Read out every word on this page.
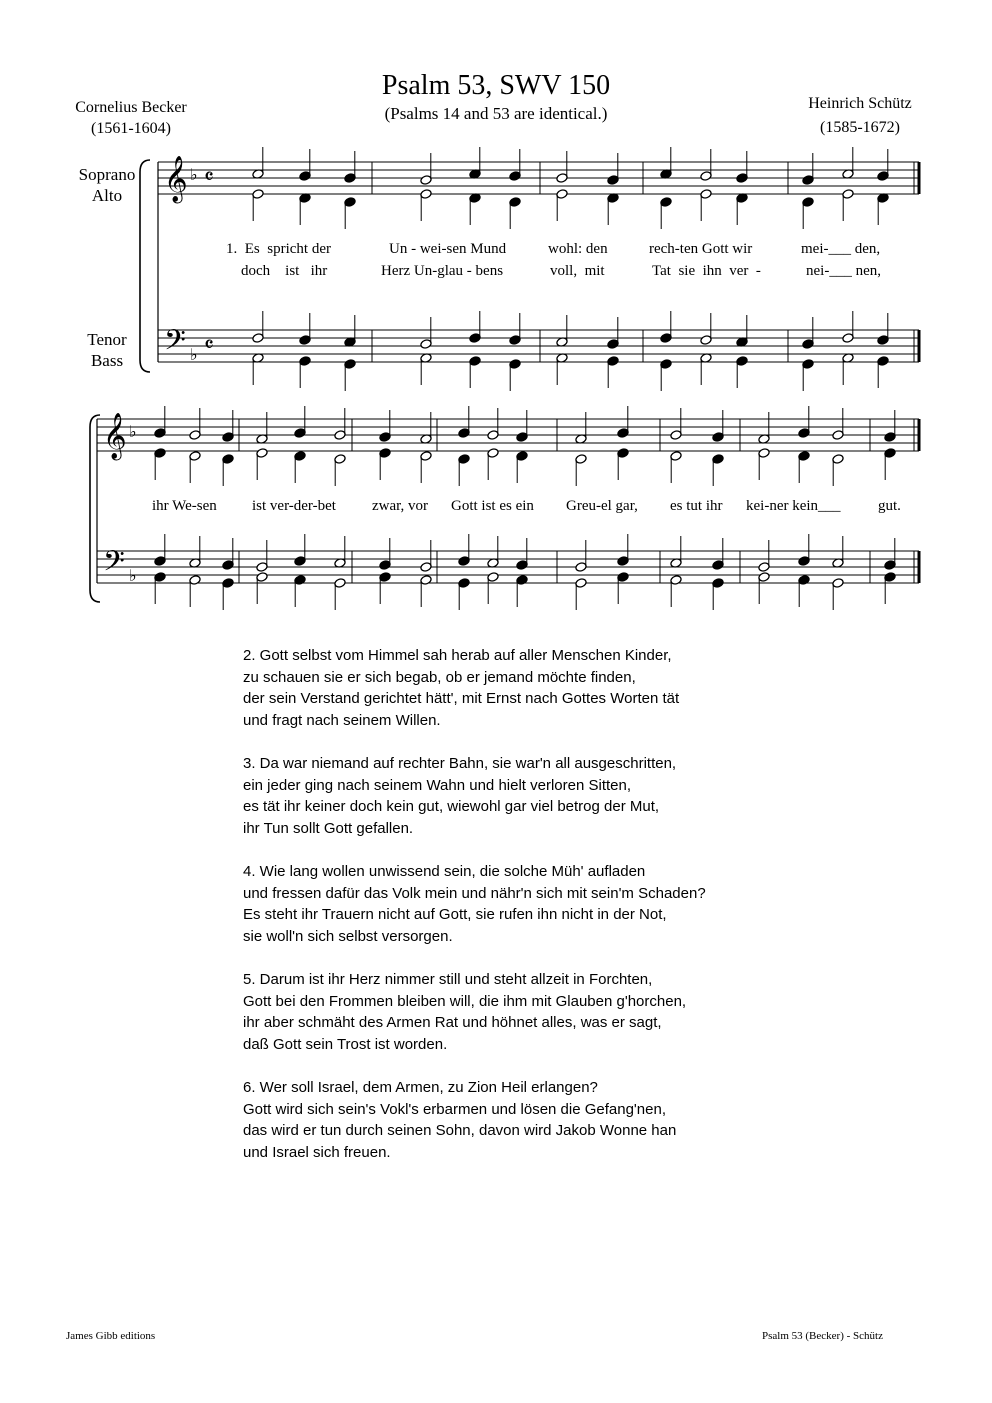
Psalm 53, SWV 150
(Psalms 14 and 53 are identical.)
Cornelius Becker
(1561-1604)
Heinrich Schütz
(1585-1672)
Soprano
Alto
Tenor
Bass
𝄞
𝄢
♭
♭
𝄴
𝄴
𝄞
𝄢
♭
♭
1.  Es  spricht der	Un - wei-sen Mund	wohl: den	rech-ten Gott wir	mei-___ den,
doch    ist   ihr	Herz Un-glau - bens	voll,  mit	Tat  sie  ihn  ver  -	nei-___ nen,
ihr We-sen ist ver-der-bet zwar, vor Gott ist es ein Greu-el gar, es tut ihr kei-ner kein___ gut.
2. Gott selbst vom Himmel sah herab auf aller Menschen Kinder,
zu schauen sie er sich begab, ob er jemand möchte finden,
der sein Verstand gerichtet hätt', mit Ernst nach Gottes Worten tät
und fragt nach seinem Willen.
3. Da war niemand auf rechter Bahn, sie war'n all ausgeschritten,
ein jeder ging nach seinem Wahn und hielt verloren Sitten,
es tät ihr keiner doch kein gut, wiewohl gar viel betrog der Mut,
ihr Tun sollt Gott gefallen.
4. Wie lang wollen unwissend sein, die solche Müh' aufladen
und fressen dafür das Volk mein und nähr'n sich mit sein'm Schaden?
Es steht ihr Trauern nicht auf Gott, sie rufen ihn nicht in der Not,
sie woll'n sich selbst versorgen.
5. Darum ist ihr Herz nimmer still und steht allzeit in Forchten,
Gott bei den Frommen bleiben will, die ihm mit Glauben g'horchen,
ihr aber schmäht des Armen Rat und höhnet alles, was er sagt,
daß Gott sein Trost ist worden.
6. Wer soll Israel, dem Armen, zu Zion Heil erlangen?
Gott wird sich sein's Vokl's erbarmen und lösen die Gefang'nen,
das wird er tun durch seinen Sohn, davon wird Jakob Wonne han
und Israel sich freuen.
James Gibb editions	Psalm 53 (Becker) - Schütz
